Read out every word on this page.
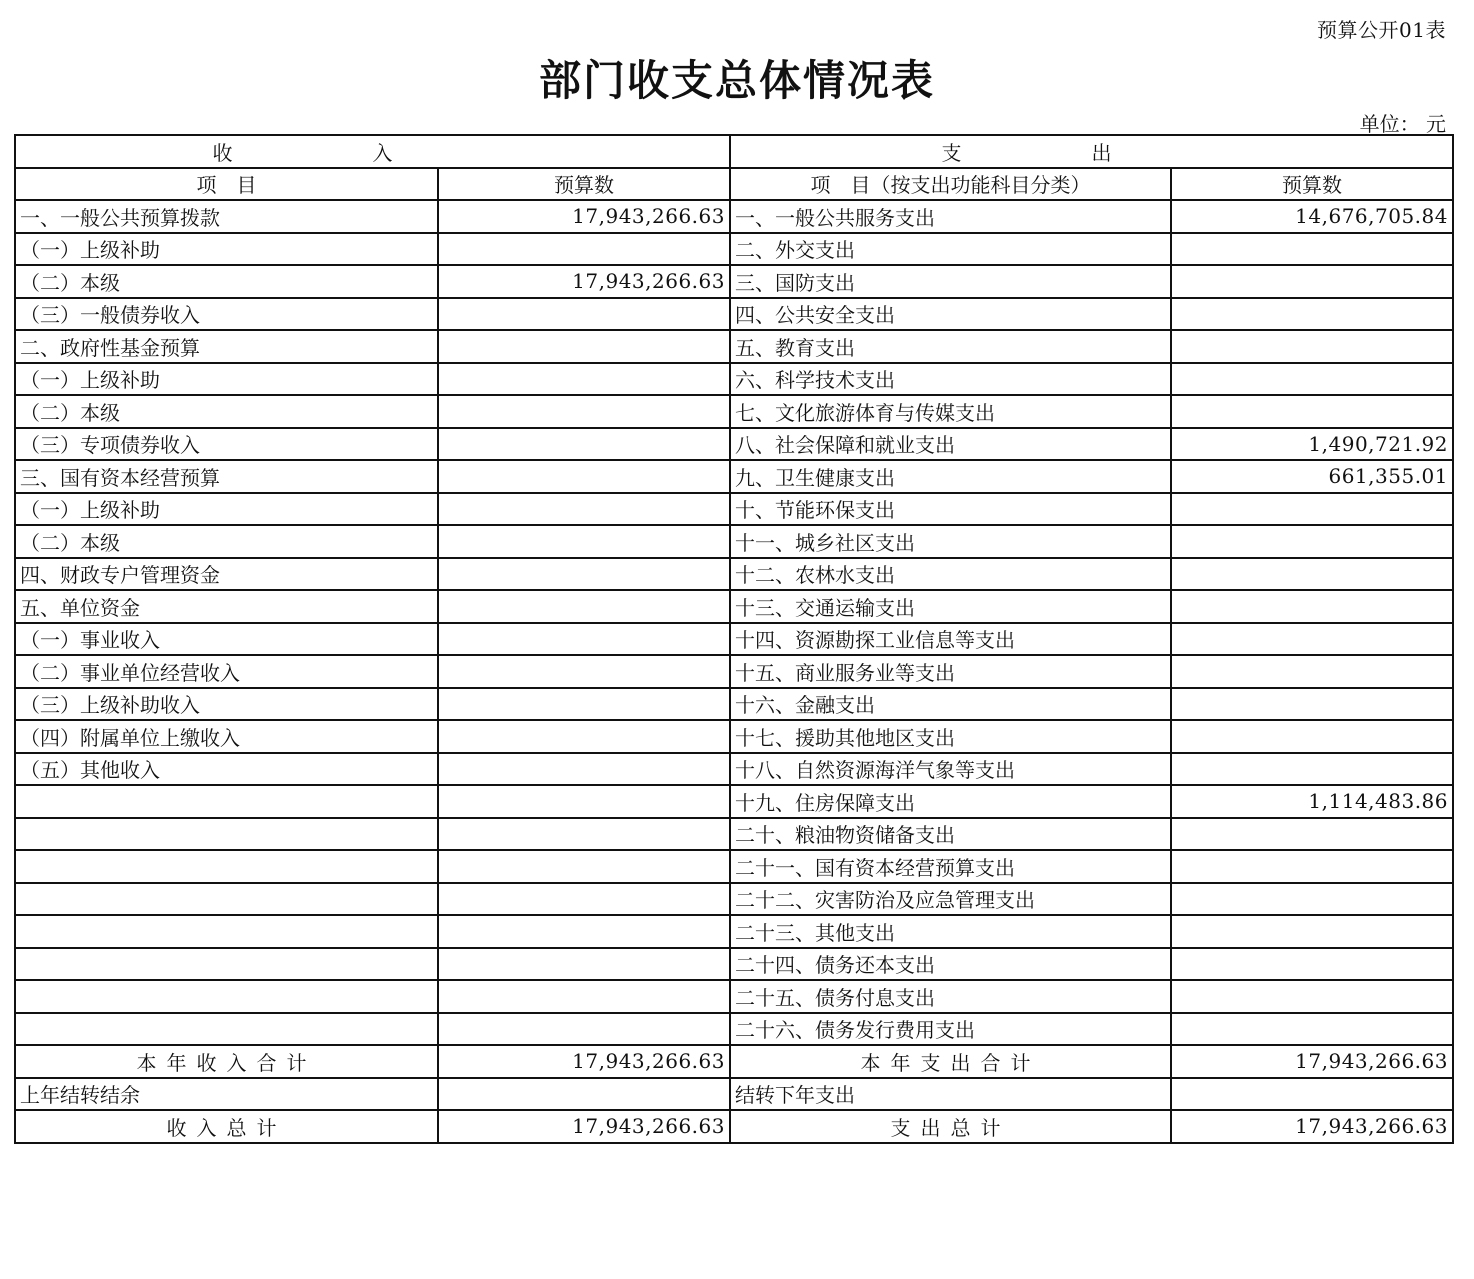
预算公开01表
部门收支总体情况表
单位： 元
收入		支出	
项　目	预算数	项　目（按支出功能科目分类）	预算数
一、一般公共预算拨款	17,943,266.63	一、一般公共服务支出	14,676,705.84
（一）上级补助		二、外交支出	
（二）本级	17,943,266.63	三、国防支出	
（三）一般债券收入		四、公共安全支出	
二、政府性基金预算		五、教育支出	
（一）上级补助		六、科学技术支出	
（二）本级		七、文化旅游体育与传媒支出	
（三）专项债券收入		八、社会保障和就业支出	1,490,721.92
三、国有资本经营预算		九、卫生健康支出	661,355.01
（一）上级补助		十、节能环保支出	
（二）本级		十一、城乡社区支出	
四、财政专户管理资金		十二、农林水支出	
五、单位资金		十三、交通运输支出	
（一）事业收入		十四、资源勘探工业信息等支出	
（二）事业单位经营收入		十五、商业服务业等支出	
（三）上级补助收入		十六、金融支出	
（四）附属单位上缴收入		十七、援助其他地区支出	
（五）其他收入		十八、自然资源海洋气象等支出	
		十九、住房保障支出	1,114,483.86
		二十、粮油物资储备支出	
		二十一、国有资本经营预算支出	
		二十二、灾害防治及应急管理支出	
		二十三、其他支出	
		二十四、债务还本支出	
		二十五、债务付息支出	
		二十六、债务发行费用支出	
本年收入合计	17,943,266.63	本年支出合计	17,943,266.63
上年结转结余		结转下年支出	
收入总计	17,943,266.63	支出总计	17,943,266.63
